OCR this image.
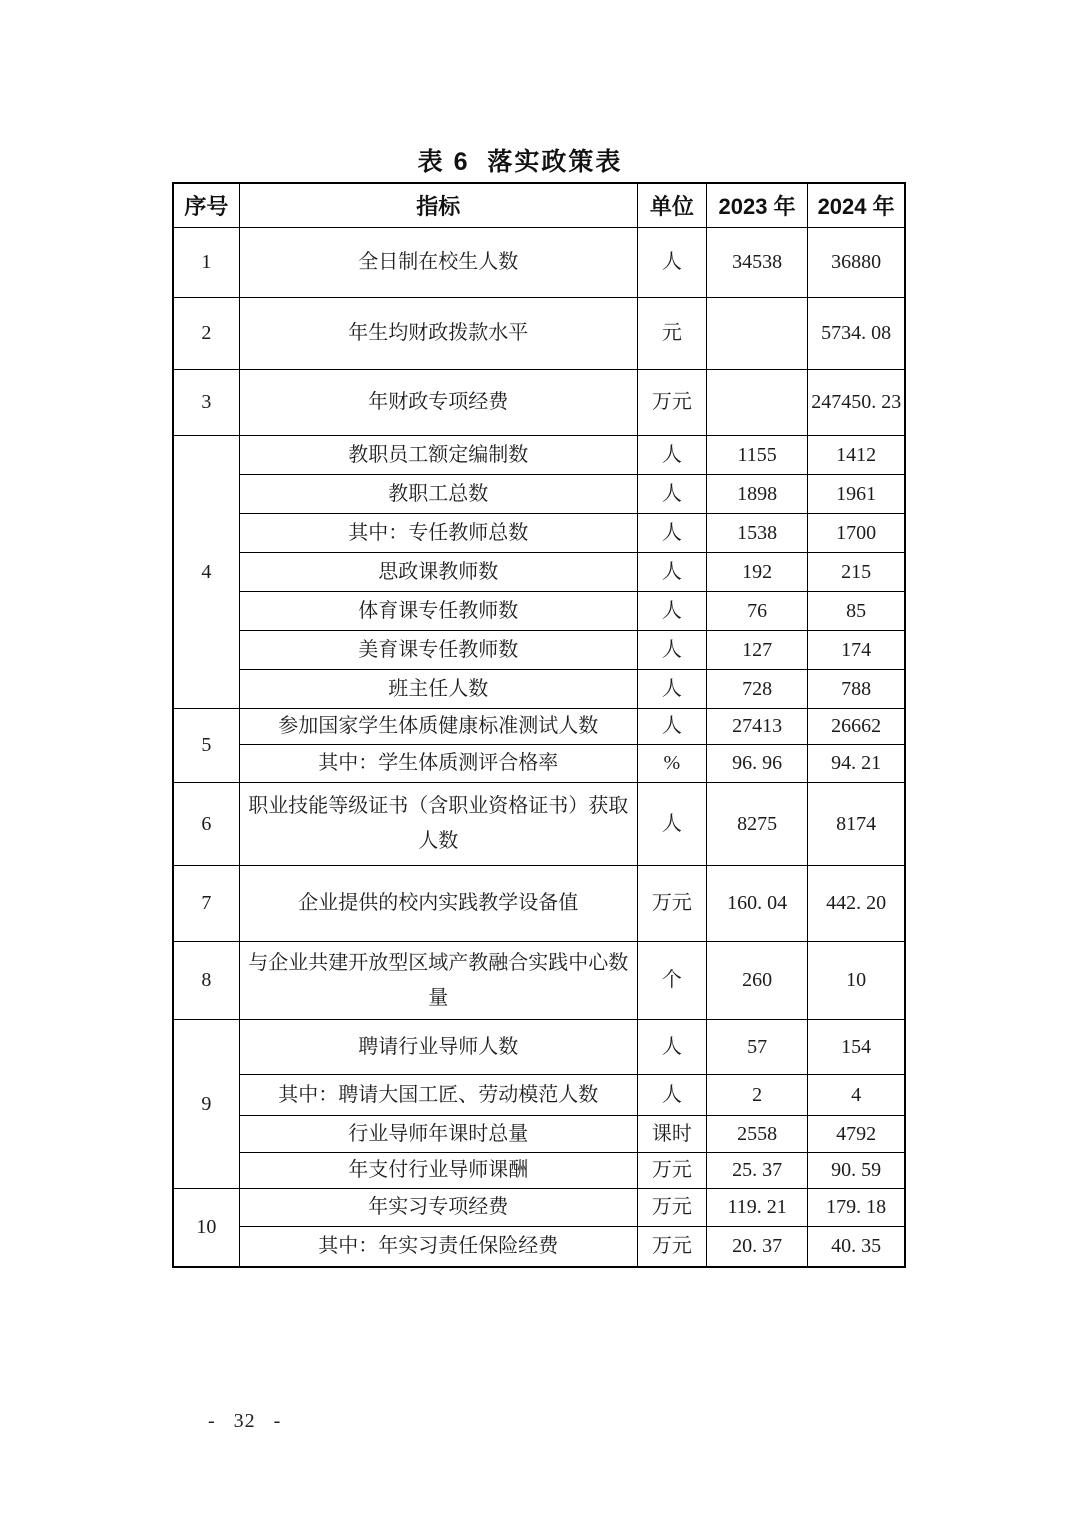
表 6  落实政策表
序号	指标	单位	2023 年	2024 年
1	全日制在校生人数	人	34538	36880
2	年生均财政拨款水平	元		5734. 08
3	年财政专项经费	万元		247450. 23
4	教职员工额定编制数	人	1155	1412
	教职工总数	人	1898	1961
	其中：专任教师总数	人	1538	1700
	思政课教师数	人	192	215
	体育课专任教师数	人	76	85
	美育课专任教师数	人	127	174
	班主任人数	人	728	788
5	参加国家学生体质健康标准测试人数	人	27413	26662
	其中：学生体质测评合格率	%	96. 96	94. 21
6	职业技能等级证书（含职业资格证书）获取人数	人	8275	8174
7	企业提供的校内实践教学设备值	万元	160. 04	442. 20
8	与企业共建开放型区域产教融合实践中心数量	个	260	10
9	聘请行业导师人数	人	57	154
	其中：聘请大国工匠、劳动模范人数	人	2	4
	行业导师年课时总量	课时	2558	4792
	年支付行业导师课酬	万元	25. 37	90. 59
10	年实习专项经费	万元	119. 21	179. 18
	其中：年实习责任保险经费	万元	20. 37	40. 35
- 32 -
